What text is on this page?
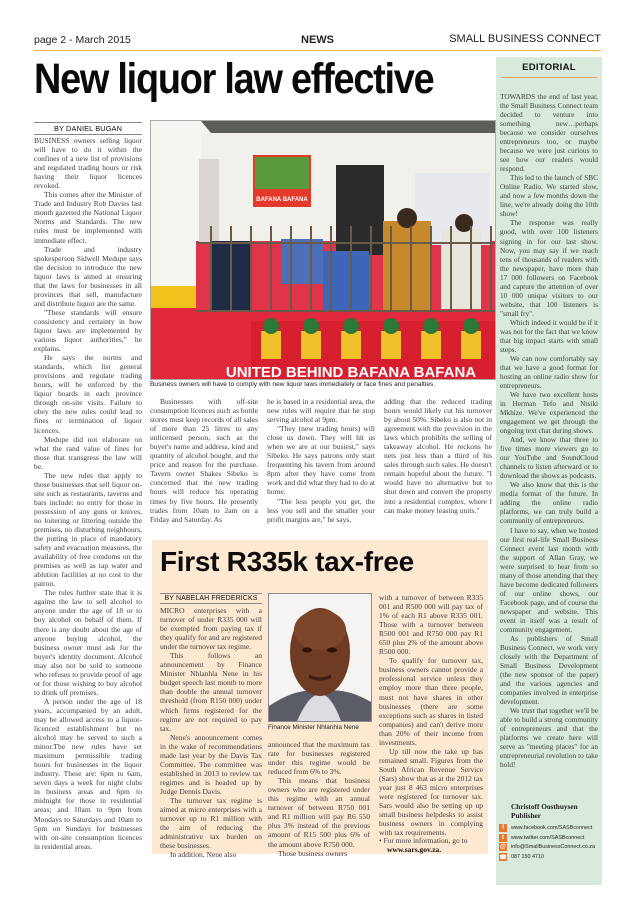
page 2 - March 2015	NEWS	SMALL BUSINESS CONNECT
New liquor law effective
BY DANIEL BUGAN

BUSINESS owners selling liquor will have to do it within the confines of a new list of provisions and regulated trading hours or risk having their liquor licences revoked.

This comes after the Minister of Trade and Industry Rob Davies last month gazetted the National Liquor Norms and Standards. The new rules must be implemented with immediate effect.

Trade and industry spokesperson Sidwell Medupe says the decision to introduce the new liquor laws is aimed at ensuring that the laws for businesses in all provinces that sell, manufacture and distribute liquor are the same.

"These standards will ensure consistency and certainty in how liquor laws are implemented by various liquor authorities," he explains.

He says the norms and standards, which list general provisions and regulate trading hours, will be enforced by the liquor boards in each province through on-site visits. Failure to obey the new rules could lead to fines or termination of liquor licences.

Medupe did not elaborate on what the rand value of fines for those that transgress the law will be.

The new rules that apply to those businesses that sell liquor on-site such as restaurants, taverns and bars include: no entry for those in possession of any guns or knives, no loitering or littering outside the premises, no disturbing neighbours, the putting in place of mandatory safety and evacuation measures, the availability of free condoms on the premises as well as tap water and ablution facilities at no cost to the patron.

The rules further state that it is against the law to sell alcohol to anyone under the age of 18 or to buy alcohol on behalf of them. If there is any doubt about the age of anyone buying alcohol, the business owner must ask for the buyer's identity document. Alcohol may also not be sold to someone who refuses to provide proof of age or for those wishing to buy alcohol to drink off premises.

A person under the age of 18 years, accompanied by an adult, may be allowed access to a liquor-licenced establishment but no alcohol may be served to such a minor.The new rules have set maximum permissible trading hours for businesses in the liquor industry. These are: 6pm to 6am, seven days a week for night clubs in business areas and 6pm to midnight for those in residential areas; and 10am to 9pm from Mondays to Saturdays and 10am to 5pm on Sundays for businesses with on-site consumption licences in residential areas.

UNITED BEHIND BAFANA BAFANA
BAFANA BAFANA
Business owners will have to comply with new liquor laws immediately or face fines and penalties.

Businesses with off-site consumption licences such as bottle stores must keep records of all sales of more than 25 litres to any unlicensed person, such as the buyer's name and address, kind and quantity of alcohol bought, and the price and reason for the purchase. Tavern owner Shakes Sibeko is concerned that the new trading hours will reduce his operating times by five hours. He presently trades from 10am to 2am on a Friday and Saturday. As

he is based in a residential area, the new rules will require that he stop serving alcohol at 9pm.

"They (new trading hours) will close us down. They will hit us when we are at our busiest," says Sibeko. He says patrons only start frequenting his tavern from around 8pm after they have come from work and did what they had to do at home.

"The less people you get, the less you sell and the smaller your profit margins are," he says,

adding that the reduced trading hours would likely cut his turnover by about 50%. Sibeko is also not in agreement with the provision in the laws which prohibits the selling of takeaway alcohol. He reckons he nets just less than a third of his sales through such sales. He doesn't remain hopeful about the future. "I would have no alternative but to shut down and convert the property into a residential complex, where I can make money leasing units."

First R335k tax-free
BY NABELAH FREDERICKS

MICRO enterprises with a turnover of under R335 000 will be exempted from paying tax if they qualify for and are registered under the turnover tax regime.

This follows an announcement by Finance Minister Nhlanhla Nene in his budget speech last month to more than double the annual turnover threshold (from R150 000) under which firms registered for the regime are not required to pay tax.

Nene's announcement comes in the wake of recommendations made last year by the Davis Tax Committee. The committee was established in 2013 to review tax regimes and is headed up by Judge Dennis Davis.

The turnover tax regime is aimed at micro enterprises with a turnover up to R1 million with the aim of reducing the administrative tax burden on these businesses.

In addition, Nene also

Finance Minister Nhlanhla Nene

announced that the maximum tax rate for businesses registered under this regime would be reduced from 6% to 3%.

This means that business owners who are registered under this regime with an annual turnover of between R750 001 and R1 million will pay R6 550 plus 3% instead of the previous amount of R15 500 plus 6% of the amount above R750 000.

Those business owners

with a turnover of between R335 001 and R500 000 will pay tax of 1% of each R1 above R335 001. Those with a turnover between R500 001 and R750 000 pay R1 650 plus 2% of the amount above R500 000.

To qualify for turnover tax, business owners cannot provide a professional service unless they employ more than three people, must not have shares in other businesses (there are some exceptions such as shares in listed companies) and can't derive more than 20% of their income from investments.

Up till now the take up has remained small. Figures from the South African Revenue Service (Sars) show that as at the 2012 tax year just 8 463 micro enterprises were registered for turnover tax. Sars would also be setting up up small business helpdesks to assist business owners in complying with tax requirements.

• For more information, go to
www.sars.gov.za.
EDITORIAL

TOWARDS the end of last year, the Small Business Connect team decided to venture into something new…perhaps because we consider ourselves entrepreneurs too, or maybe because we were just curious to see how our readers would respond.

This led to the launch of SBC Online Radio. We started slow, and now a few months down the line, we're already doing the 10th show!

The response was really good, with over 100 listeners signing in for our last show. Now, you may say if we reach tens of thousands of readers with the newspaper, have more than 17 000 followers on Facebook and capture the attention of over 10 000 unique visitors to our website, that 100 listeners is "small fry".

Which indeed it would be if it was not for the fact that we know that big impact starts with small steps.

We can now comfortably say that we have a good format for hosting an online radio show for entrepreneurs.

We have two excellent hosts in Herman Tefo and Ntsiki Mkhize. We've experienced the engagement we get through the ongoing text chat during shows.

And, we know that three to five times more viewers go to our YouTube and SoundCloud channels to listen afterward or to download the shows as podcasts.

We also know that this is the media format of the future. In adding the online radio platforms, we can truly build a community of entrepreneurs.

I have to say, when we hosted our first real-life Small Business Connect event last month with the support of Allan Gray, we were surprised to hear from so many of those attending that they have become dedicated followers of our online shows, our Facebook page, and of course the newspaper and website. This event in itself was a result of community engagement.

As publishers of Small Business Connect, we work very closely with the Department of Small Business Development (the new sponsor of the paper) and the various agencies and companies involved in enterprise development.

We trust that together we'll be able to build a strong community of entrepreneurs and that the platforms we create here will serve as "meeting places" for an entrepreneurial revolution to take hold!

Christoff Oosthuysen
Publisher
f	www.facebook.com/SASBconnect
t	www.twitter.com/SASBconnect
@ info@SmallBusinessConnect.co.za
☎ 087 150 4710
